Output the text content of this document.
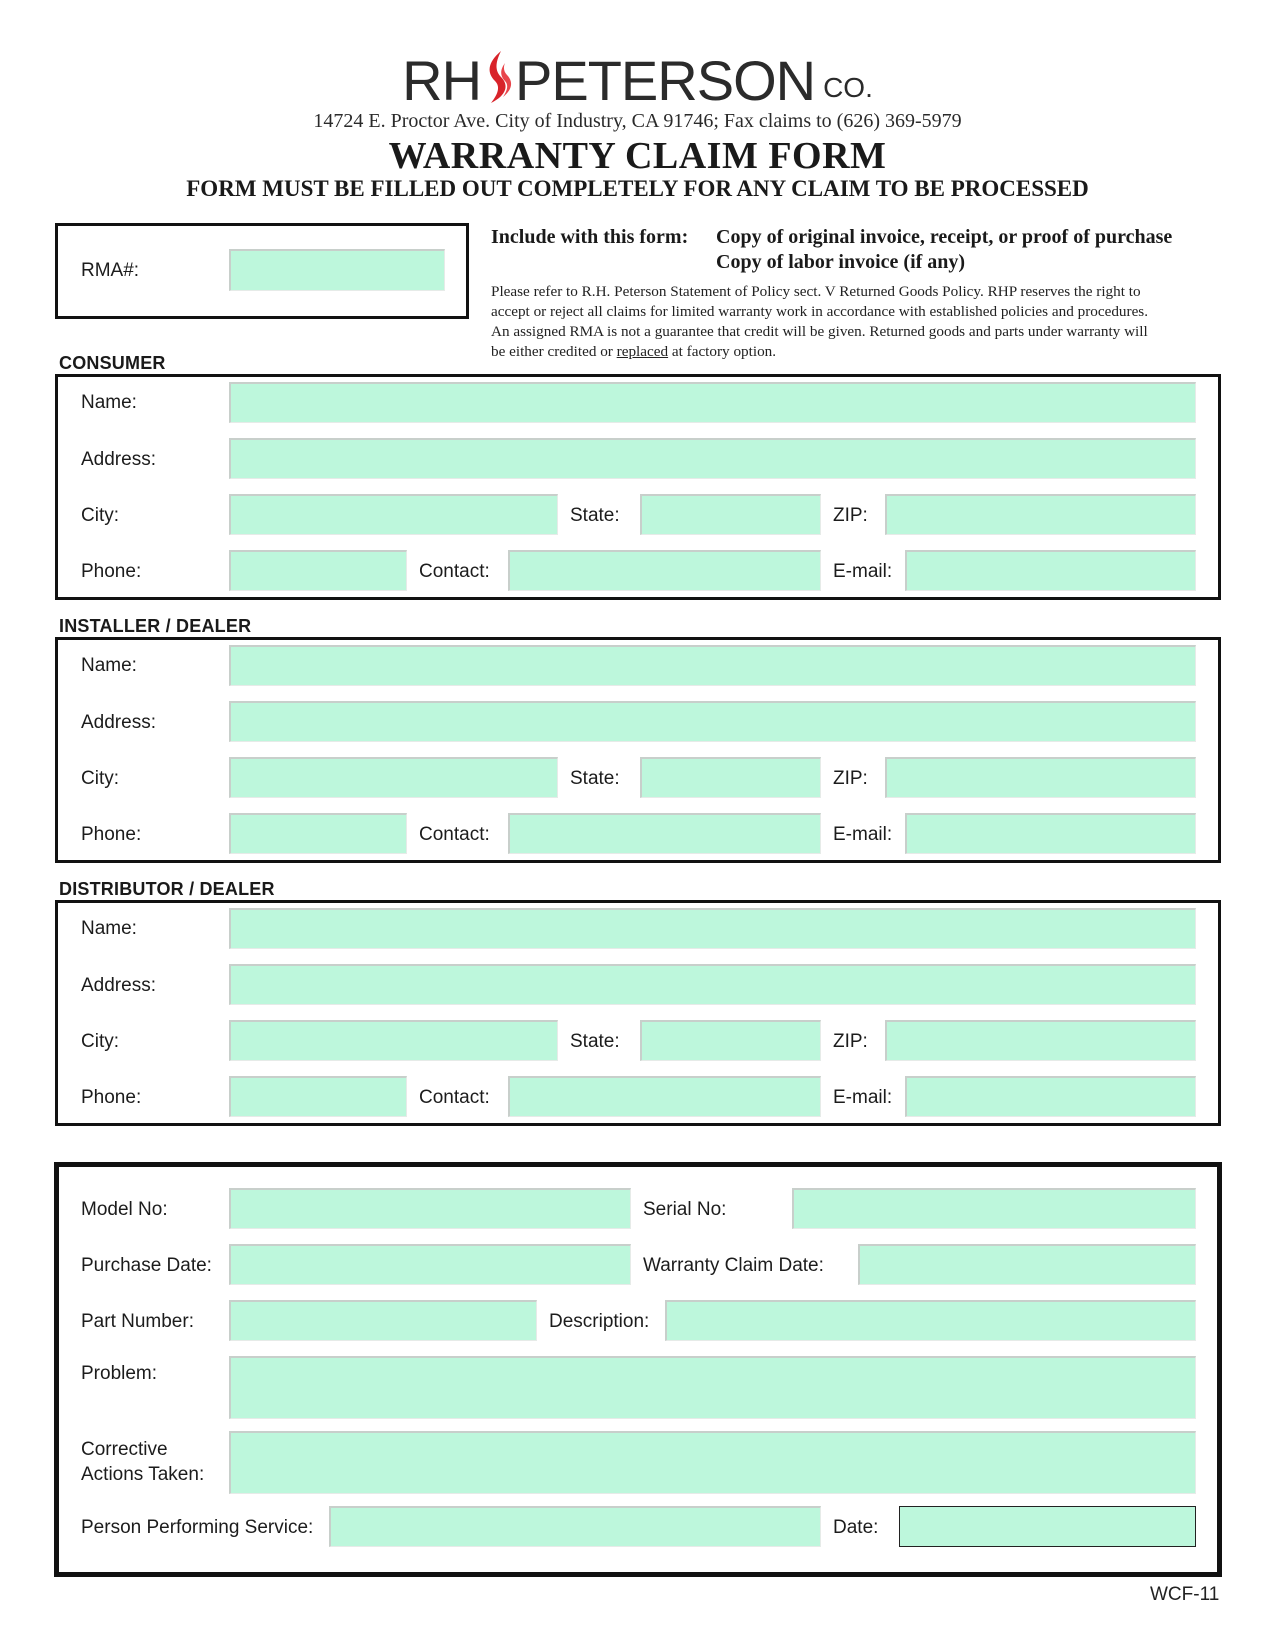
RH PETERSON CO.
14724 E. Proctor Ave. City of Industry, CA 91746; Fax claims to (626) 369-5979
WARRANTY CLAIM FORM
FORM MUST BE FILLED OUT COMPLETELY FOR ANY CLAIM TO BE PROCESSED
RMA#:
Include with this form: Copy of original invoice, receipt, or proof of purchase
Copy of labor invoice (if any)
Please refer to R.H. Peterson Statement of Policy sect. V Returned Goods Policy. RHP reserves the right to
accept or reject all claims for limited warranty work in accordance with established policies and procedures.
An assigned RMA is not a guarantee that credit will be given. Returned goods and parts under warranty will
be either credited or replaced at factory option.
CONSUMER
Name:
Address:
City:	State:	ZIP:
Phone:	Contact:	E-mail:
INSTALLER / DEALER
Name:
Address:
City:	State:	ZIP:
Phone:	Contact:	E-mail:
DISTRIBUTOR / DEALER
Name:
Address:
City:	State:	ZIP:
Phone:	Contact:	E-mail:
Model No:	Serial No:
Purchase Date:	Warranty Claim Date:
Part Number:	Description:
Problem:
Corrective
Actions Taken:
Person Performing Service:	Date:
WCF-11
